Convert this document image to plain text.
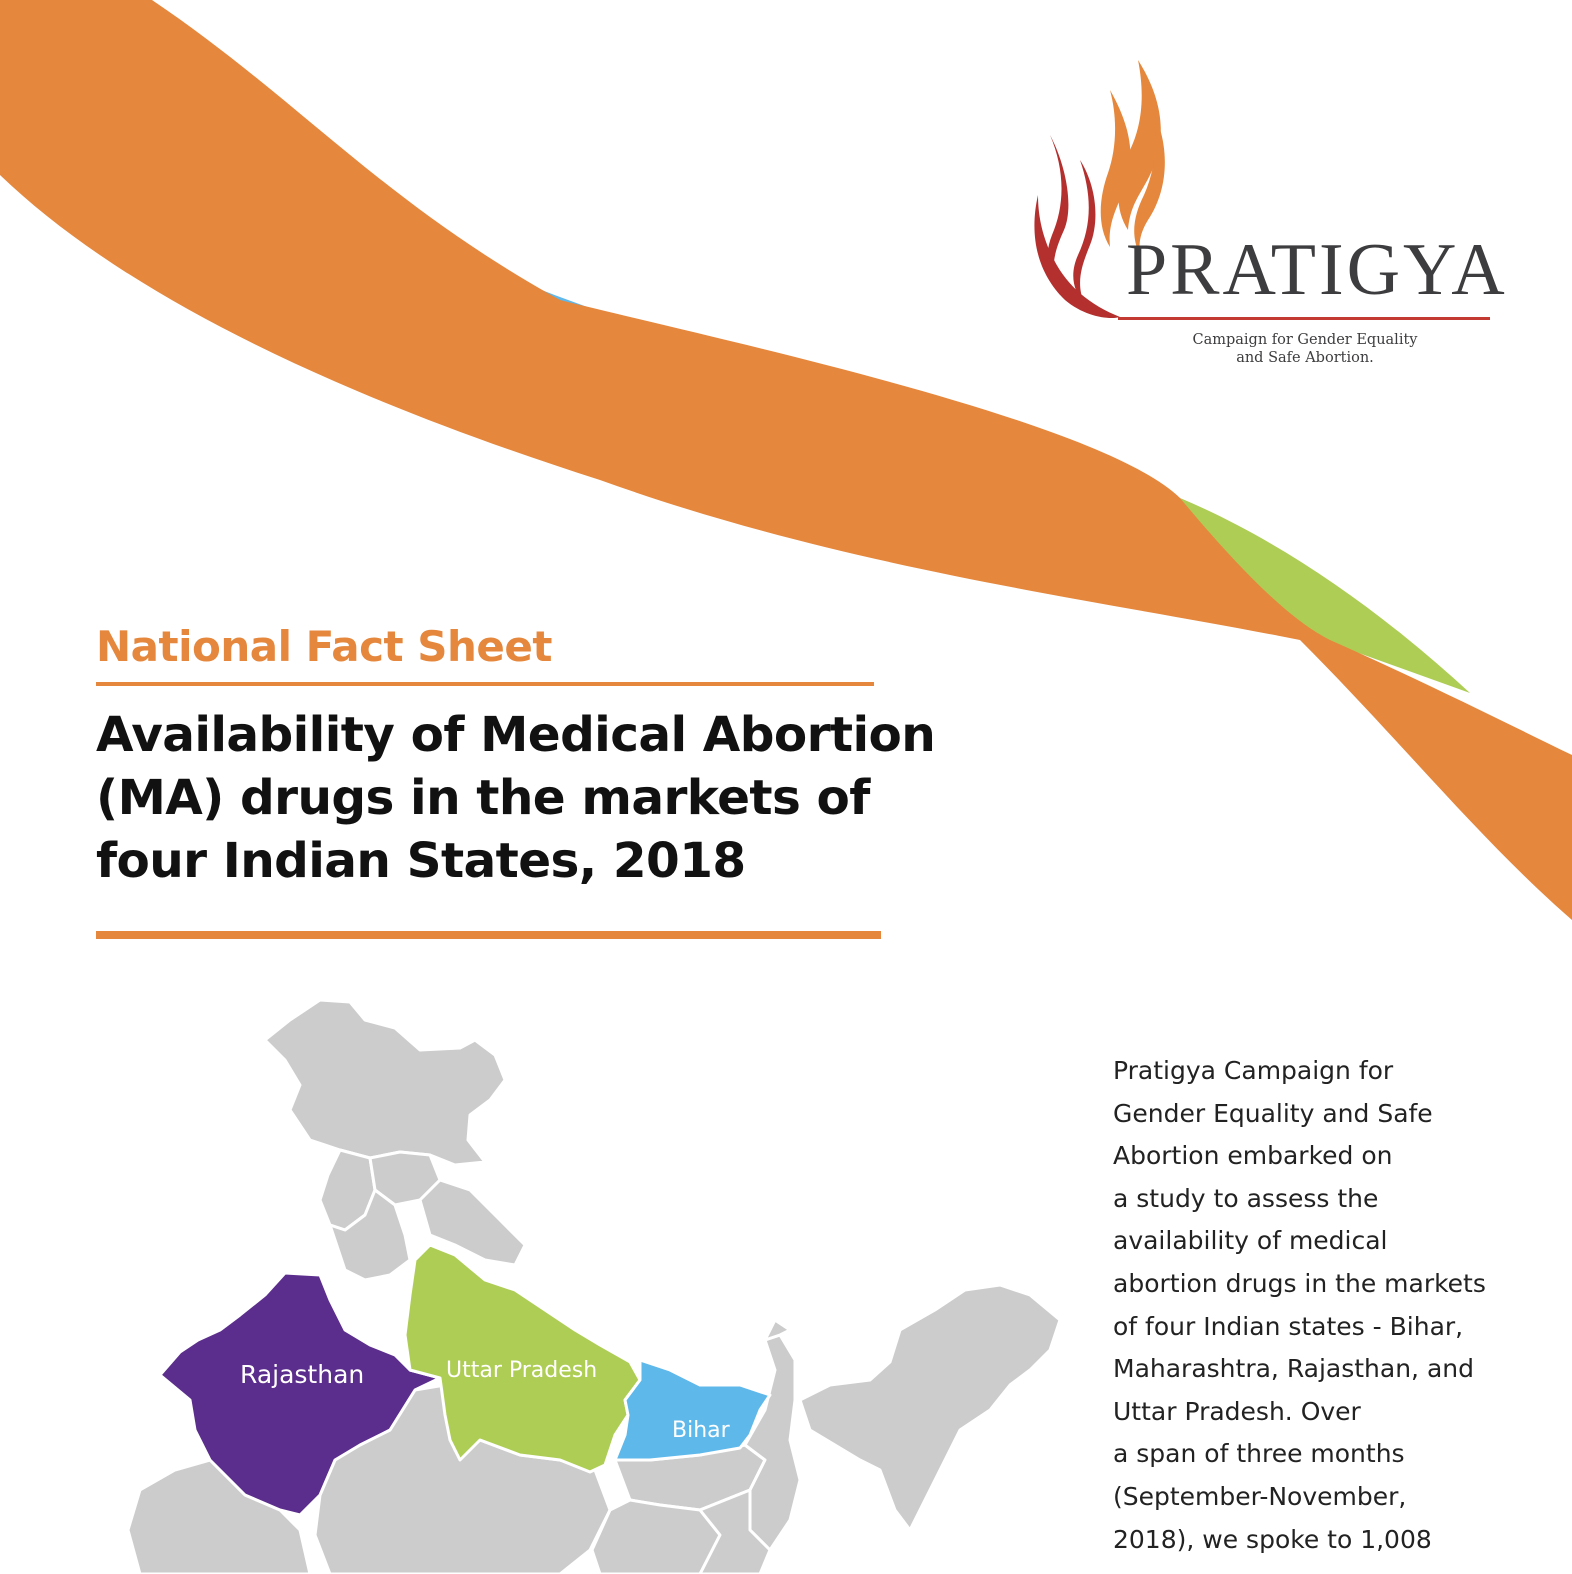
PRATIGYA
Campaign for Gender Equality
and Safe Abortion.
National Fact Sheet
Availability of Medical Abortion
(MA) drugs in the markets of
four Indian States, 2018
Rajasthan	Uttar Pradesh
Bihar
Pratigya Campaign for
Gender Equality and Safe
Abortion embarked on
a study to assess the
availability of medical
abortion drugs in the markets
of four Indian states - Bihar,
Maharashtra, Rajasthan, and
Uttar Pradesh. Over
a span of three months
(September-November,
2018), we spoke to 1,008
